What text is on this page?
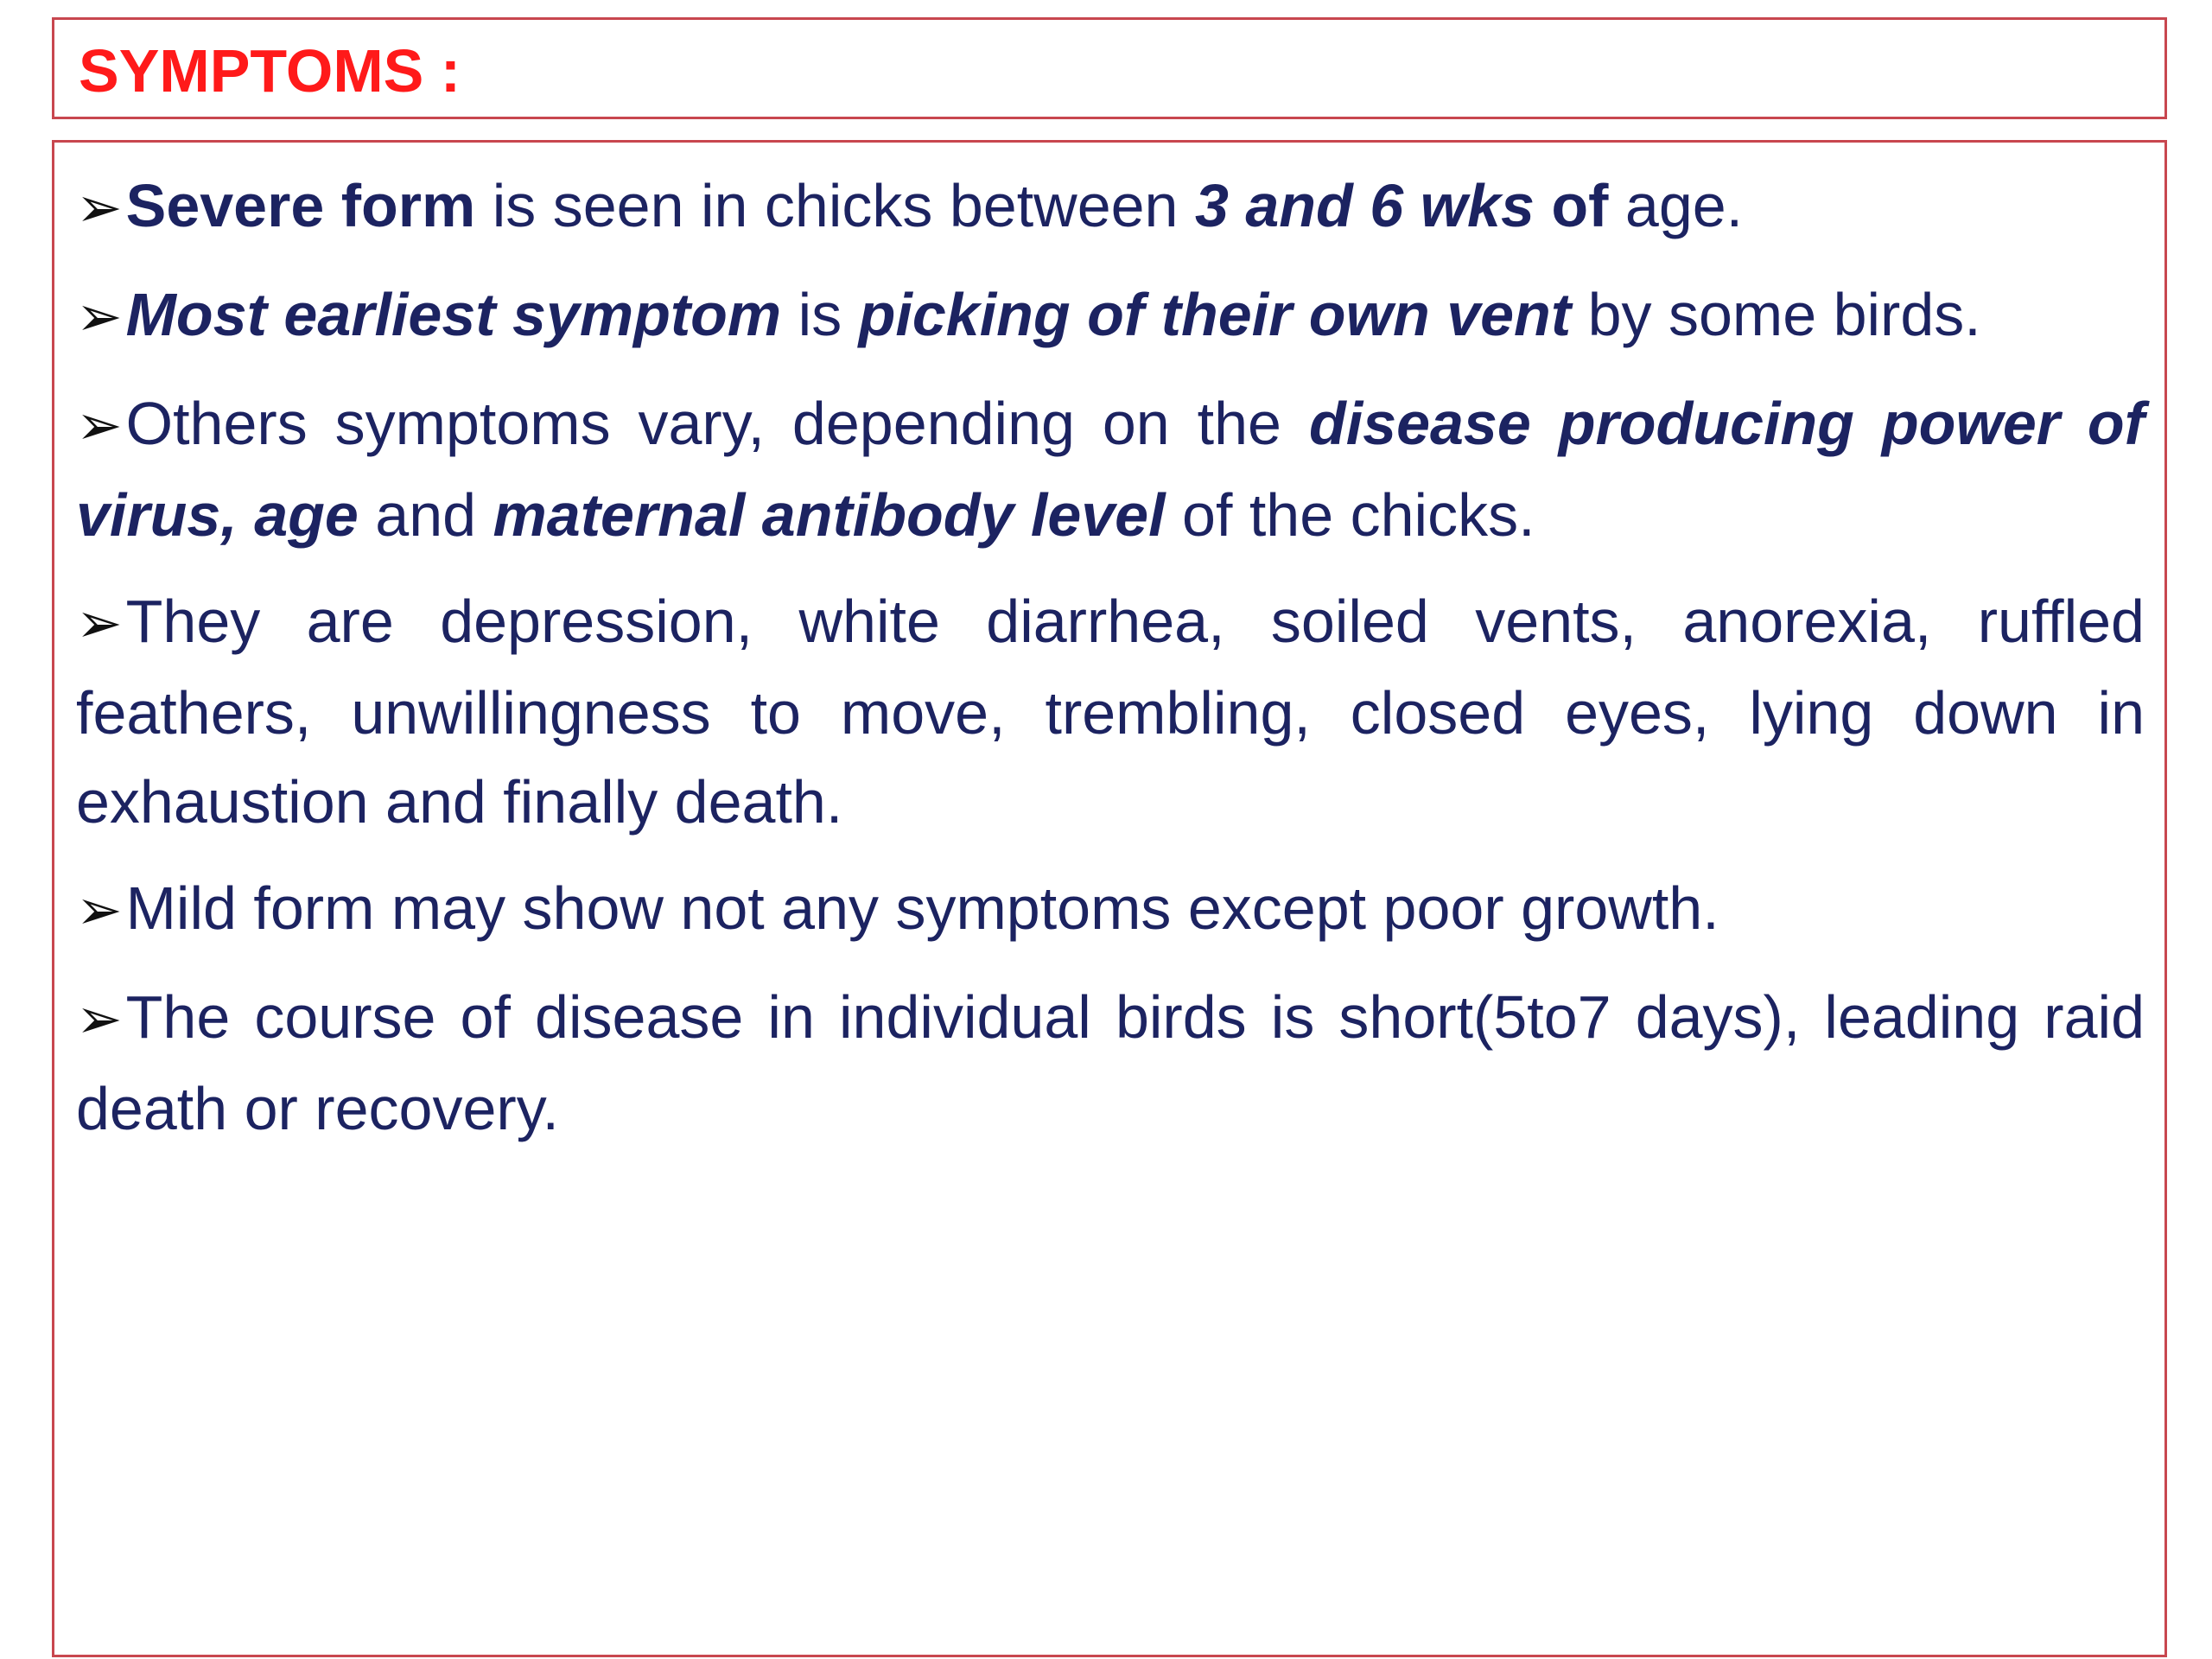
SYMPTOMS :

➢Severe form is seen in chicks between 3 and 6 wks of age.

➢Most earliest symptom is picking of their own vent by some birds.

➢Others symptoms vary, depending on the disease producing power of virus, age and maternal antibody level of the chicks.

➢They are depression, white diarrhea, soiled vents, anorexia, ruffled feathers, unwillingness to move, trembling, closed eyes, lying down in exhaustion and finally death.

➢Mild form may show not any symptoms except poor growth.

➢The course of disease in individual birds is short(5to7 days), leading raid death or recovery.
